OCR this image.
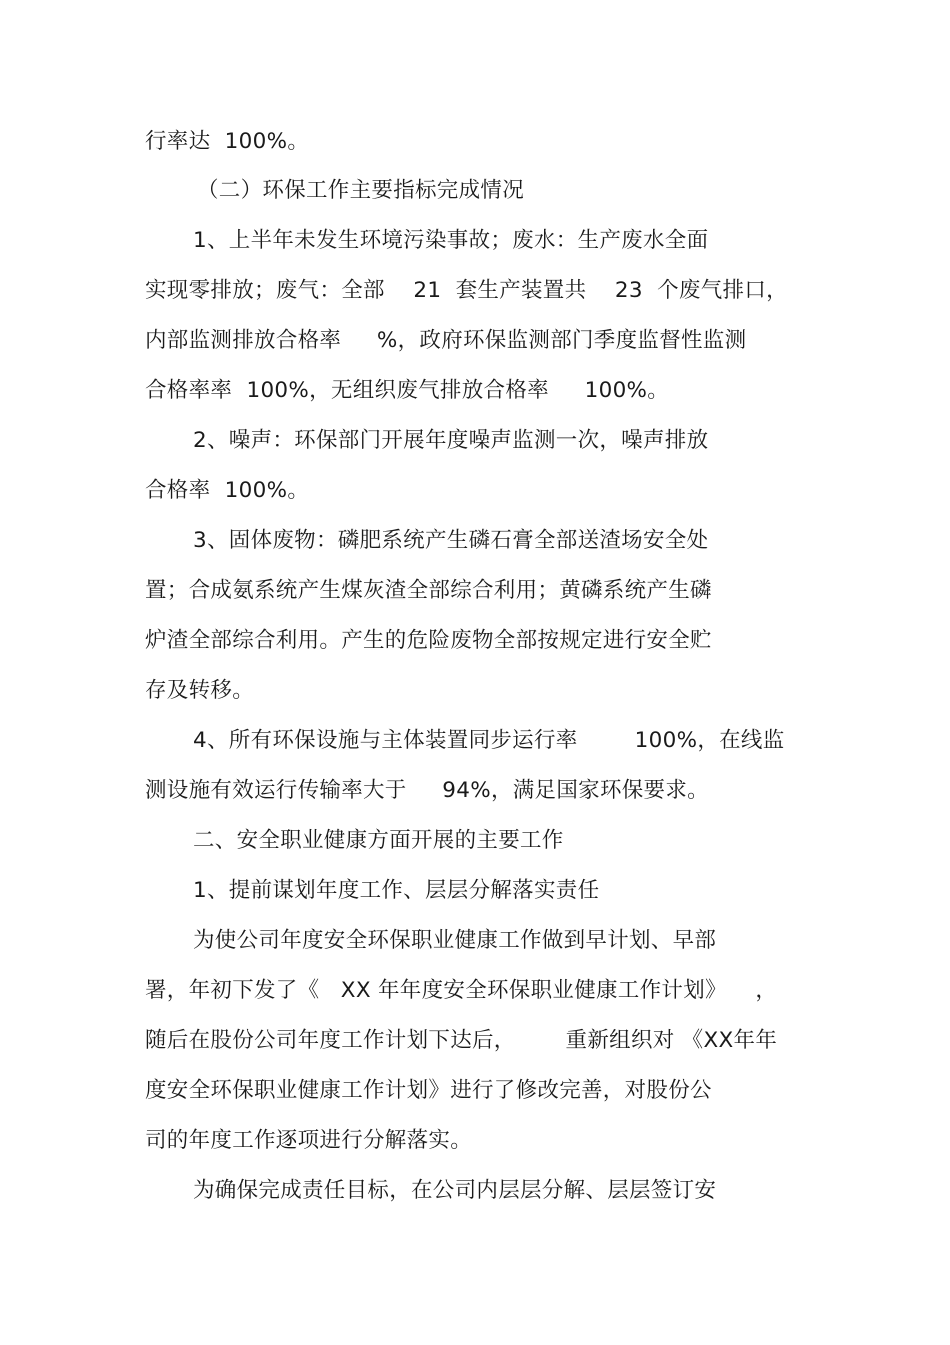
行率达  100%。
（二）环保工作主要指标完成情况
1、上半年未发生环境污染事故；废水：生产废水全面
实现零排放；废气：全部    21  套生产装置共    23  个废气排口，
内部监测排放合格率     %，政府环保监测部门季度监督性监测
合格率率  100%，无组织废气排放合格率     100%。
2、噪声：环保部门开展年度噪声监测一次，噪声排放
合格率  100%。
3、固体废物：磷肥系统产生磷石膏全部送渣场安全处
置；合成氨系统产生煤灰渣全部综合利用；黄磷系统产生磷
炉渣全部综合利用。产生的危险废物全部按规定进行安全贮
存及转移。
4、所有环保设施与主体装置同步运行率        100%，在线监
测设施有效运行传输率大于     94%，满足国家环保要求。
二、安全职业健康方面开展的主要工作
1、提前谋划年度工作、层层分解落实责任
为使公司年度安全环保职业健康工作做到早计划、早部
署，年初下发了《   XX 年年度安全环保职业健康工作计划》    ，
随后在股份公司年度工作计划下达后，       重新组织对 《XX年年
度安全环保职业健康工作计划》进行了修改完善，对股份公
司的年度工作逐项进行分解落实。
为确保完成责任目标，在公司内层层分解、层层签订安
